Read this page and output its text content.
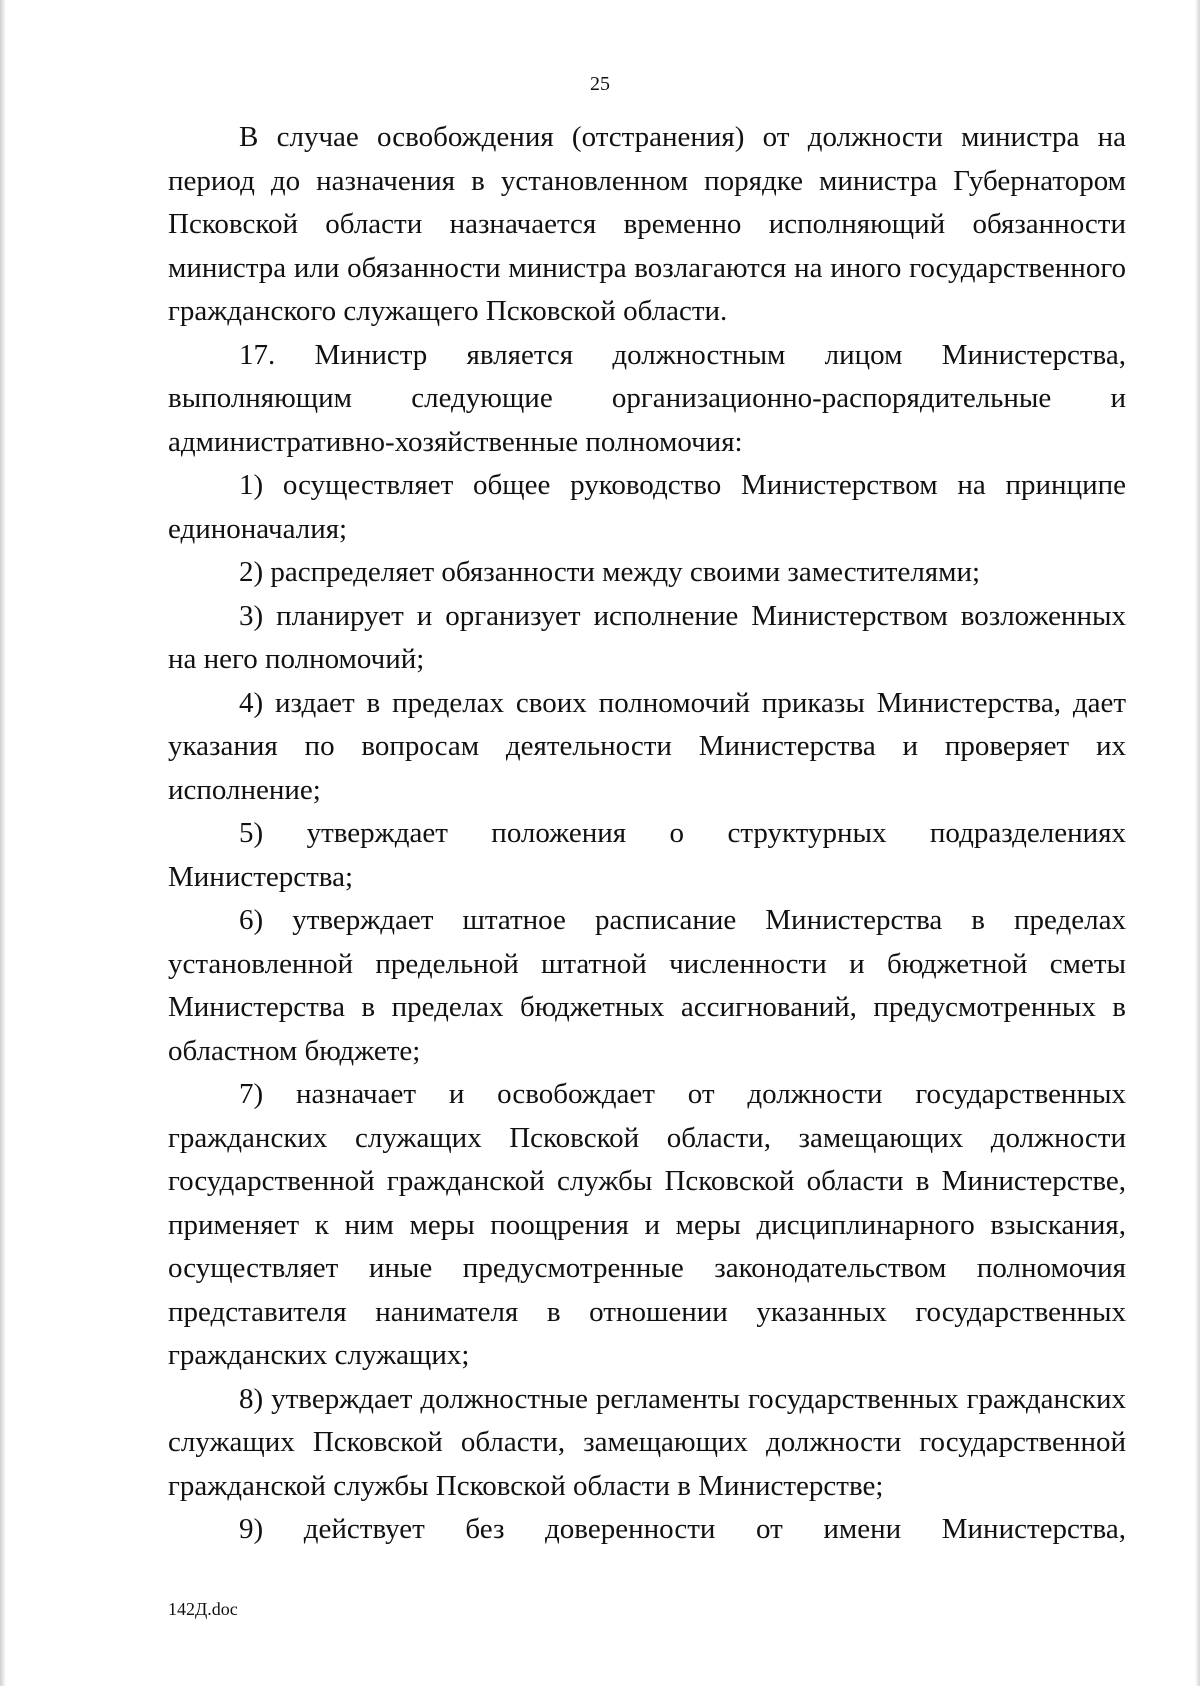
25

В случае освобождения (отстранения) от должности министра на период до назначения в установленном порядке министра Губернатором Псковской области назначается временно исполняющий обязанности министра или обязанности министра возлагаются на иного государственного гражданского служащего Псковской области.

17. Министр является должностным лицом Министерства, выполняющим следующие организационно-распорядительные и административно-хозяйственные полномочия:

1) осуществляет общее руководство Министерством на принципе единоначалия;

2) распределяет обязанности между своими заместителями;

3) планирует и организует исполнение Министерством возложенных на него полномочий;

4) издает в пределах своих полномочий приказы Министерства, дает указания по вопросам деятельности Министерства и проверяет их исполнение;

5) утверждает положения о структурных подразделениях Министерства;

6) утверждает штатное расписание Министерства в пределах установленной предельной штатной численности и бюджетной сметы Министерства в пределах бюджетных ассигнований, предусмотренных в областном бюджете;

7) назначает и освобождает от должности государственных гражданских служащих Псковской области, замещающих должности государственной гражданской службы Псковской области в Министерстве, применяет к ним меры поощрения и меры дисциплинарного взыскания, осуществляет иные предусмотренные законодательством полномочия представителя нанимателя в отношении указанных государственных гражданских служащих;

8) утверждает должностные регламенты государственных гражданских служащих Псковской области, замещающих должности государственной гражданской службы Псковской области в Министерстве;

9) действует без доверенности от имени Министерства,

142Д.doc
